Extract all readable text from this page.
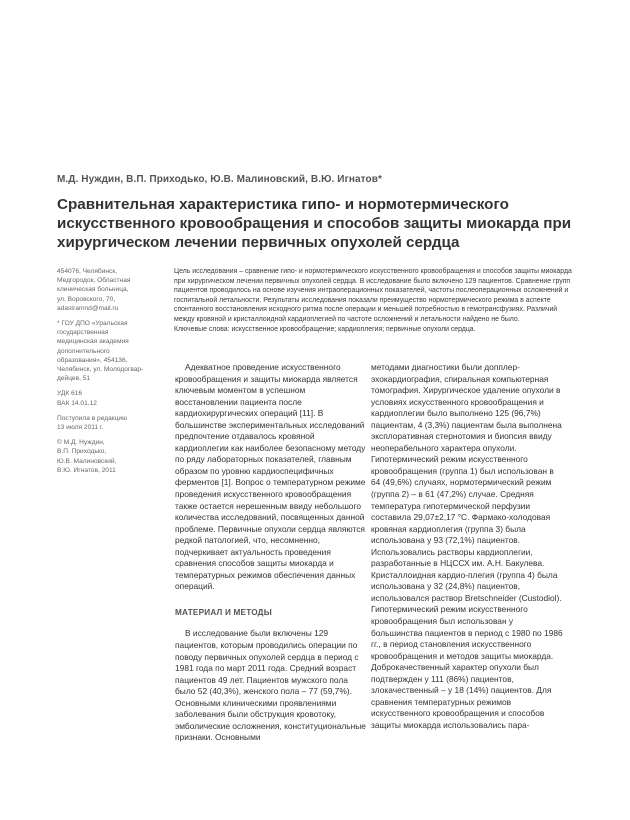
М.Д. Нуждин, В.П. Приходько, Ю.В. Малиновский, В.Ю. Игнатов*
Сравнительная характеристика гипо- и нормотермического искусственного кровообращения и способов защиты миокарда при хирургическом лечении первичных опухолей сердца

454076, Челябинск,
Медгородок, Областная
клиническая больница,
ул. Воровского, 70,
adastramnd@mail.ru

* ГОУ ДПО «Уральская
государственная
медицинская академия
дополнительного
образования», 454136,
Челябинск, ул. Молодогвар-
дейцев, 51

УДК 616
ВАК 14.01.12

Поступила в редакцию
13 июля 2011 г.

© М.Д. Нуждин,
В.П. Приходько,
Ю.В. Малиновский,
В.Ю. Игнатов, 2011

Цель исследования – сравнение гипо- и нормотермического искусственного кровообращения и способов защиты миокарда при хирургическом лечении первичных опухолей сердца. В исследование было включено 129 пациентов. Сравнение групп пациентов проводилось на основе изучения интраоперационных показателей, частоты послеоперационных осложнений и госпитальной летальности. Результаты исследования показали преимущество нормотермического режима в аспекте спонтанного восстановления исходного ритма после операции и меньшей потребностью в гемотрансфузиях. Различий между кровяной и кристаллоидной кардиоплегией по частоте осложнений и летальности найдено не было.
Ключевые слова: искусственное кровообращение; кардиоплегия; первичные опухоли сердца.

Адекватное проведение искусственного кровообращения и защиты миокарда является ключевым моментом в успешном восстановлении пациента после кардиохирургических операций [11]. В большинстве экспериментальных исследований предпочтение отдавалось кровяной кардиоплегии как наиболее безопасному методу по ряду лабораторных показателей, главным образом по уровню кардиоспецифичных ферментов [1]. Вопрос о температурном режиме проведения искусственного кровообращения также остается нерешенным ввиду небольшого количества исследований, посвященных данной проблеме. Первичные опухоли сердца являются редкой патологией, что, несомненно, подчеркивает актуальность проведения сравнения способов защиты миокарда и температурных режимов обеспечения данных операций.

МАТЕРИАЛ И МЕТОДЫ

В исследование были включены 129 пациентов, которым проводились операции по поводу первичных опухолей сердца в период с 1981 года по март 2011 года. Средний возраст пациентов 49 лет. Пациентов мужского пола было 52 (40,3%), женского пола – 77 (59,7%). Основными клиническими проявлениями заболевания были обструкция кровотоку, эмболические осложнения, конституциональные признаки. Основными

методами диагностики были допплер-эхокардиография, спиральная компьютерная томография. Хирургическое удаление опухоли в условиях искусственного кровообращения и кардиоплегии было выполнено 125 (96,7%) пациентам, 4 (3,3%) пациентам была выполнена эксплоративная стернотомия и биопсия ввиду неоперабельного характера опухоли. Гипотермический режим искусственного кровообращения (группа 1) был использован в 64 (49,6%) случаях, нормотермический режим (группа 2) – в 61 (47,2%) случае. Средняя температура гипотермической перфузии составила 29,07±2,17 °С. Фармако-холодовая кровяная кардиоплегия (группа 3) была использована у 93 (72,1%) пациентов. Использовались растворы кардиоплегии, разработанные в НЦССХ им. А.Н. Бакулева. Кристаллоидная кардио-плегия (группа 4) была использована у 32 (24,8%) пациентов, использовался раствор Bretschneider (Custodiol). Гипотермический режим искусственного кровообращения был использован у большинства пациентов в период с 1980 по 1986 гг., в период становления искусственного кровообращения и методов защиты миокарда. Доброкачественный характер опухоли был подтвержден у 111 (86%) пациентов, злокачественный – у 18 (14%) пациентов. Для сравнения температурных режимов искусственного кровообращения и способов защиты миокарда использовались пара-
